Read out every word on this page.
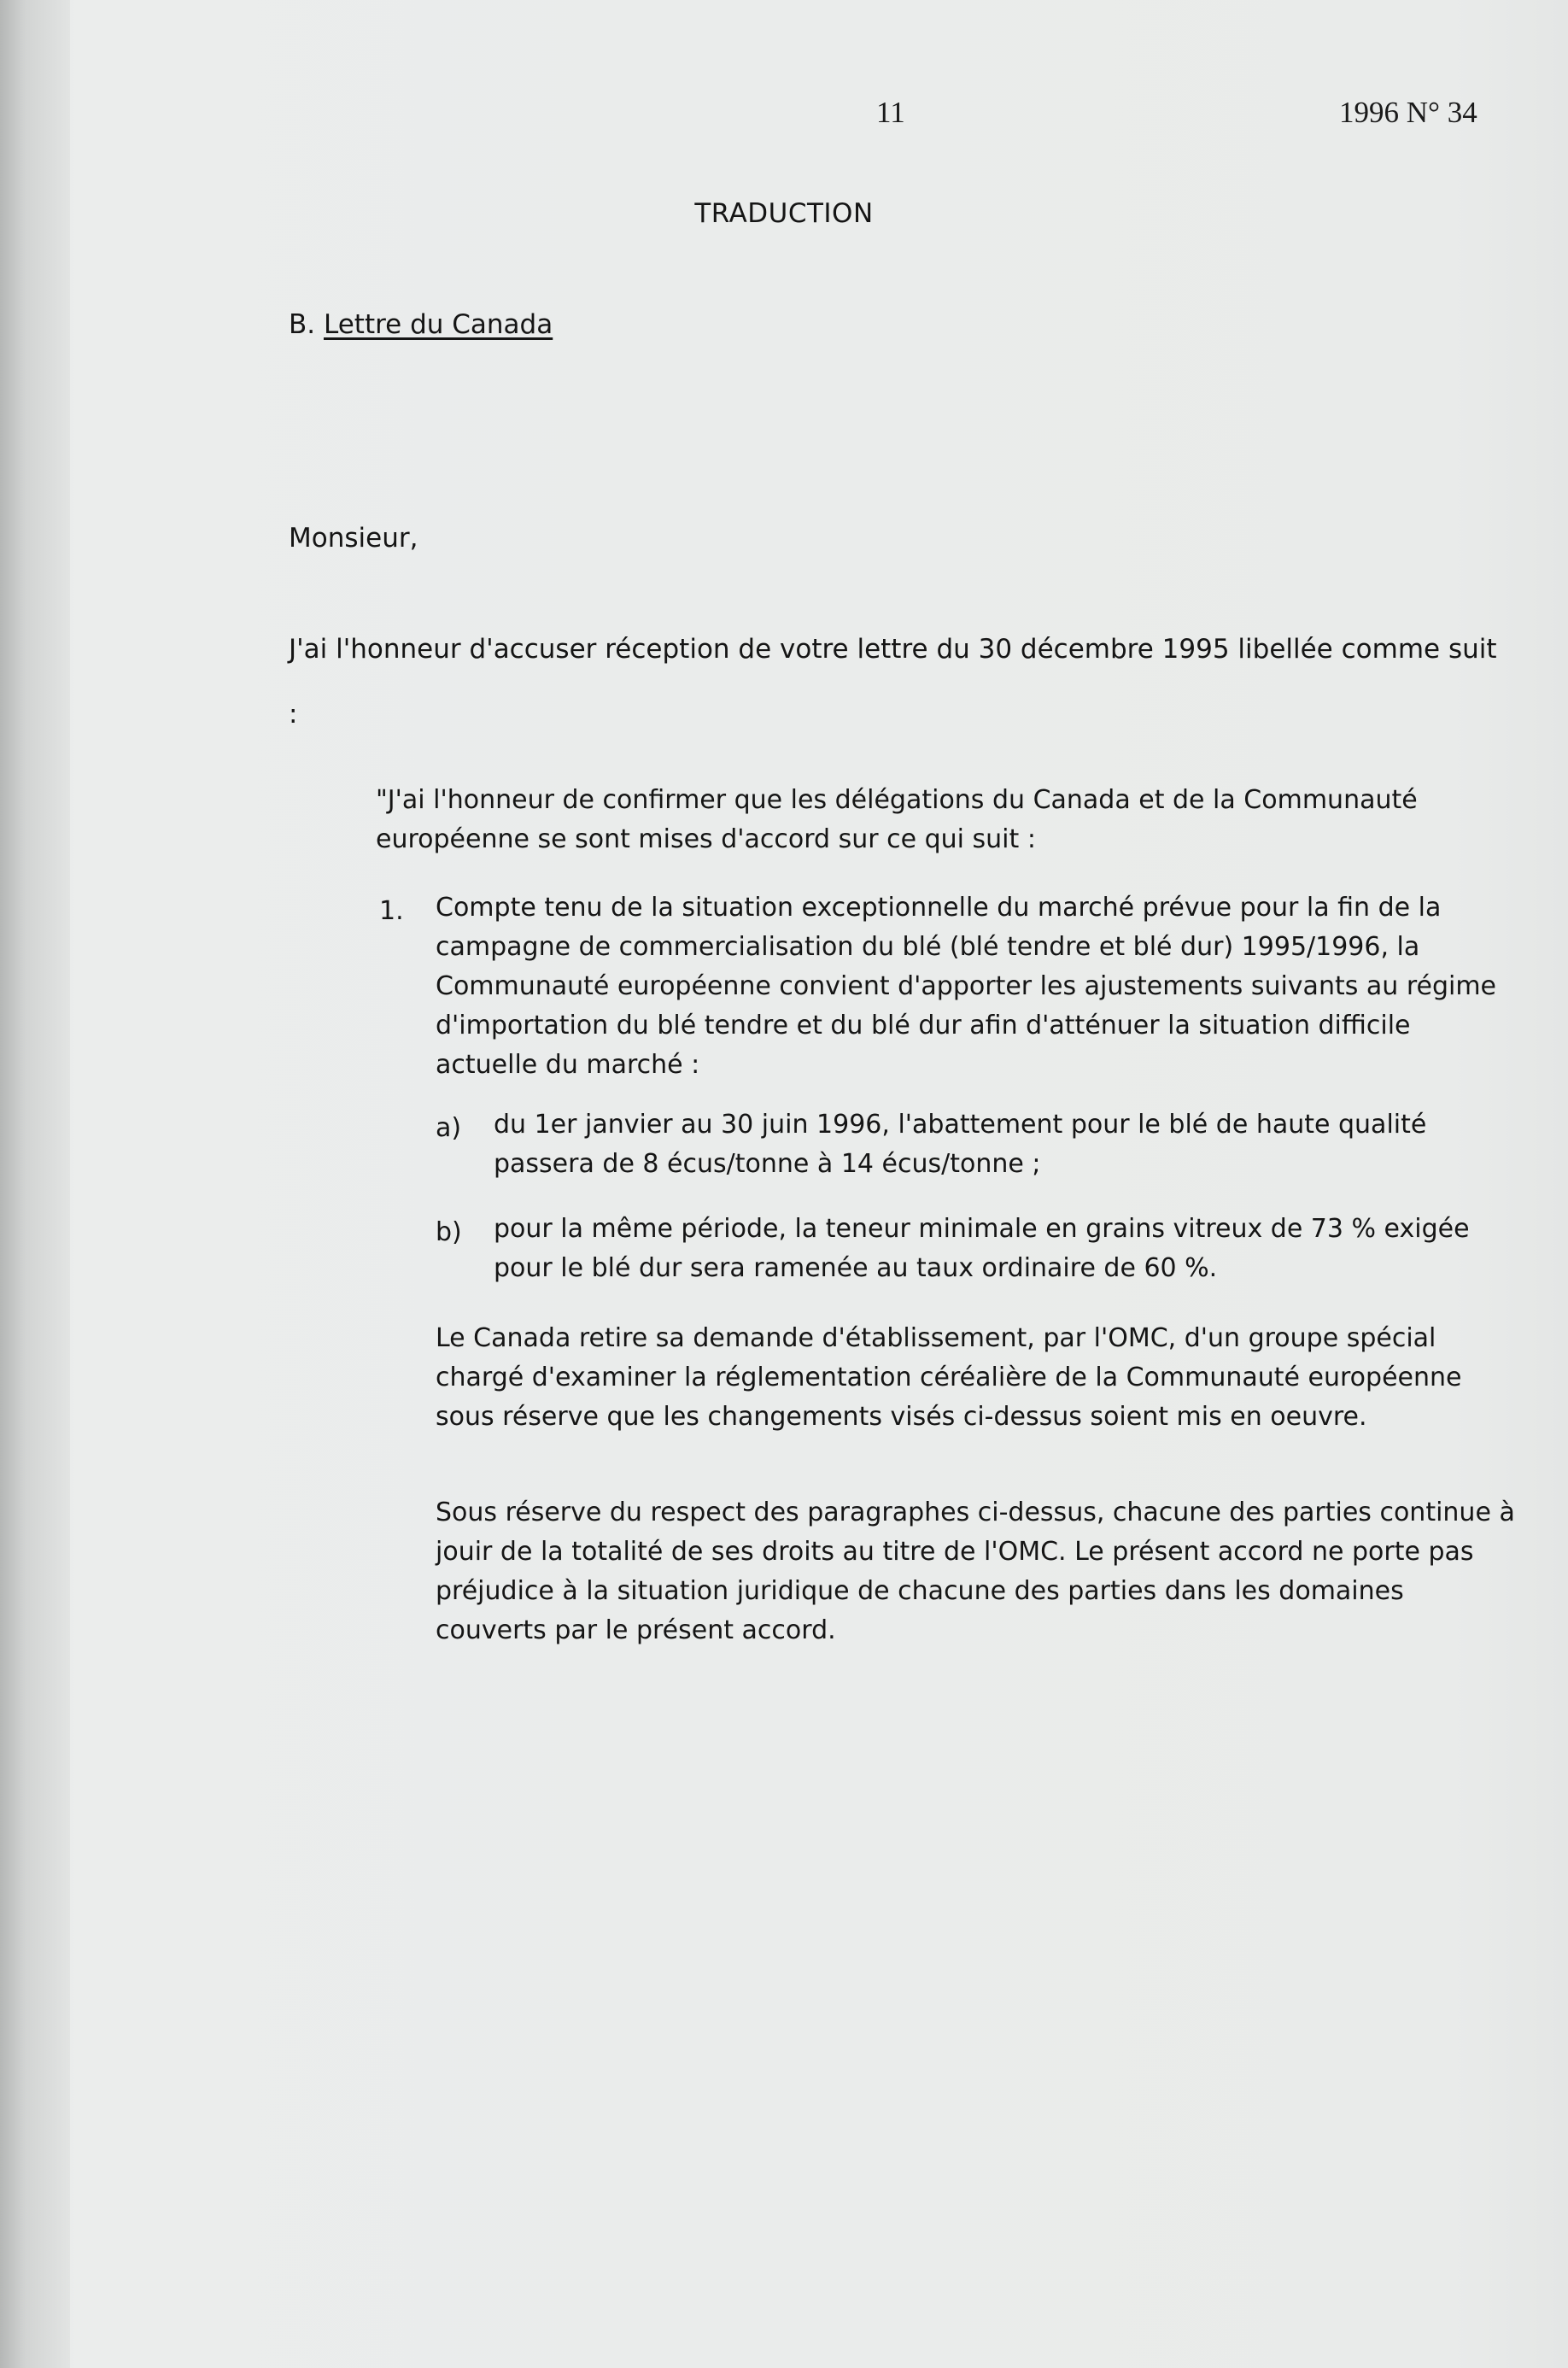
11	1996 N° 34
TRADUCTION
B. Lettre du Canada
Monsieur,
J'ai l'honneur d'accuser réception de votre lettre du 30 décembre 1995 libellée comme suit :
"J'ai l'honneur de confirmer que les délégations du Canada et de la Communauté européenne se sont mises d'accord sur ce qui suit :
1. Compte tenu de la situation exceptionnelle du marché prévue pour la fin de la campagne de commercialisation du blé (blé tendre et blé dur) 1995/1996, la Communauté européenne convient d'apporter les ajustements suivants au régime d'importation du blé tendre et du blé dur afin d'atténuer la situation difficile actuelle du marché :
a) du 1er janvier au 30 juin 1996, l'abattement pour le blé de haute qualité passera de 8 écus/tonne à 14 écus/tonne ;
b) pour la même période, la teneur minimale en grains vitreux de 73 % exigée pour le blé dur sera ramenée au taux ordinaire de 60 %.
Le Canada retire sa demande d'établissement, par l'OMC, d'un groupe spécial chargé d'examiner la réglementation céréalière de la Communauté européenne sous réserve que les changements visés ci-dessus soient mis en oeuvre.
Sous réserve du respect des paragraphes ci-dessus, chacune des parties continue à jouir de la totalité de ses droits au titre de l'OMC. Le présent accord ne porte pas préjudice à la situation juridique de chacune des parties dans les domaines couverts par le présent accord.
